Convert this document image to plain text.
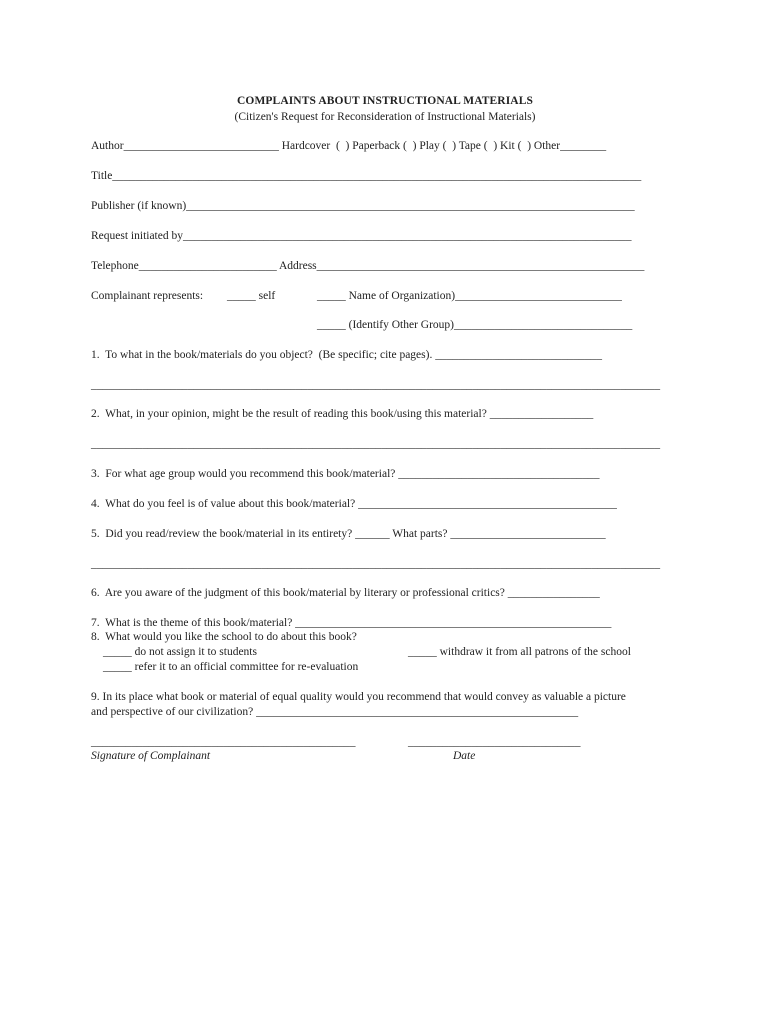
COMPLAINTS ABOUT INSTRUCTIONAL MATERIALS
(Citizen's Request for Reconsideration of Instructional Materials)
Author___________________________ Hardcover  (  ) Paperback (  ) Play (  ) Tape (  ) Kit (  ) Other________
Title____________________________________________________________________________________________
Publisher (if known)______________________________________________________________________________
Request initiated by______________________________________________________________________________
Telephone________________________ Address_________________________________________________________
Complainant represents: _____ self	_____ Name of Organization)_____________________________
_____ (Identify Other Group)_______________________________
1.  To what in the book/materials do you object?  (Be specific; cite pages). _____________________________
____________________________________________________________________________________________________
2.  What, in your opinion, might be the result of reading this book/using this material? __________________
____________________________________________________________________________________________________
3.  For what age group would you recommend this book/material? ___________________________________
4.  What do you feel is of value about this book/material? _____________________________________________
5.  Did you read/review the book/material in its entirety? ______ What parts? ___________________________
____________________________________________________________________________________________________
6.  Are you aware of the judgment of this book/material by literary or professional critics? ________________
7.  What is the theme of this book/material? _______________________________________________________
8.  What would you like the school to do about this book?
_____ do not assign it to students	_____ withdraw it from all patrons of the school
_____ refer it to an official committee for re-evaluation
9. In its place what book or material of equal quality would you recommend that would convey as valuable a picture
and perspective of our civilization? ________________________________________________________
______________________________________________	______________________________
Signature of Complainant	Date
